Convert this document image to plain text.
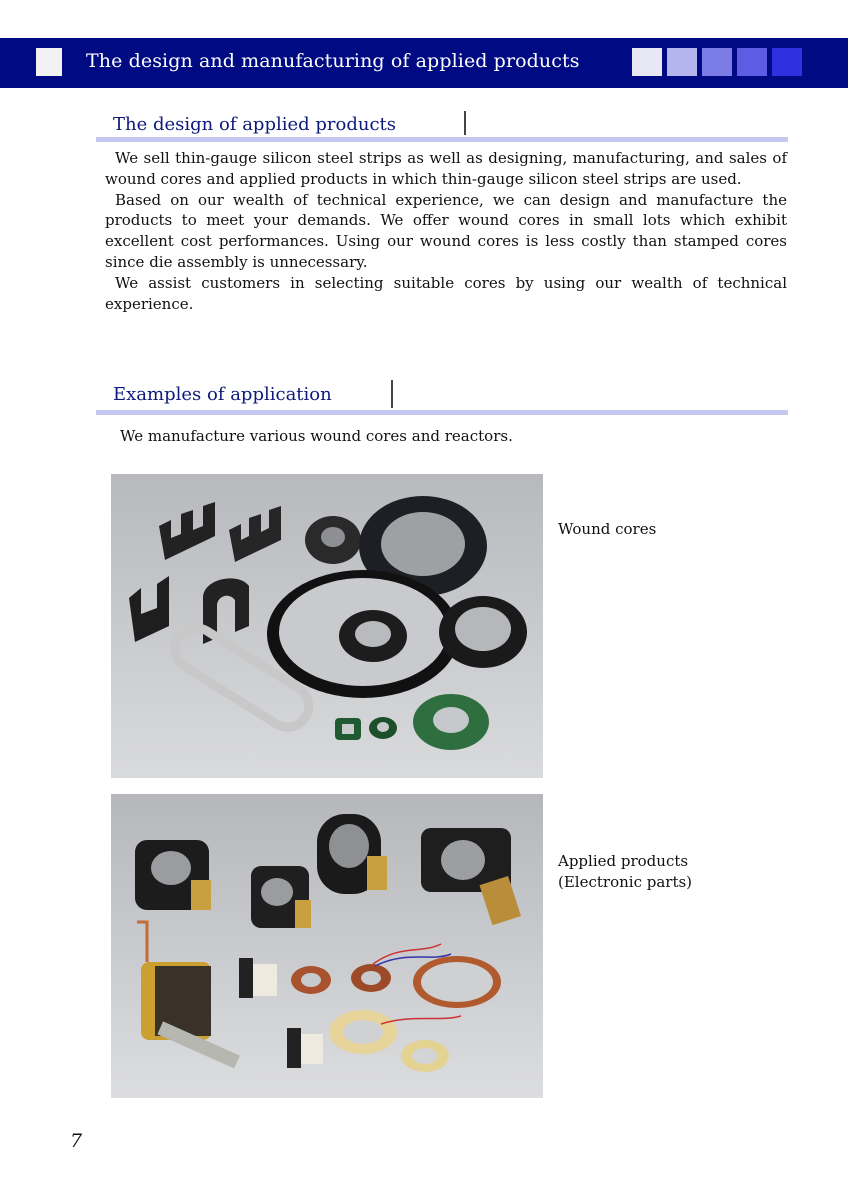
The design and manufacturing of applied products
The design of applied products

We sell thin-gauge silicon steel strips as well as designing, manufacturing, and sales of wound cores and applied products in which thin-gauge silicon steel strips are used.

Based on our wealth of technical experience, we can design and manufacture the products to meet your demands. We offer wound cores in small lots which exhibit excellent cost performances. Using our wound cores is less costly than stamped cores since die assembly is unnecessary.

We assist customers in selecting suitable cores by using our wealth of technical experience.

Examples of application
We manufacture various wound cores and reactors.
Wound cores
Applied products
(Electronic parts)
7
